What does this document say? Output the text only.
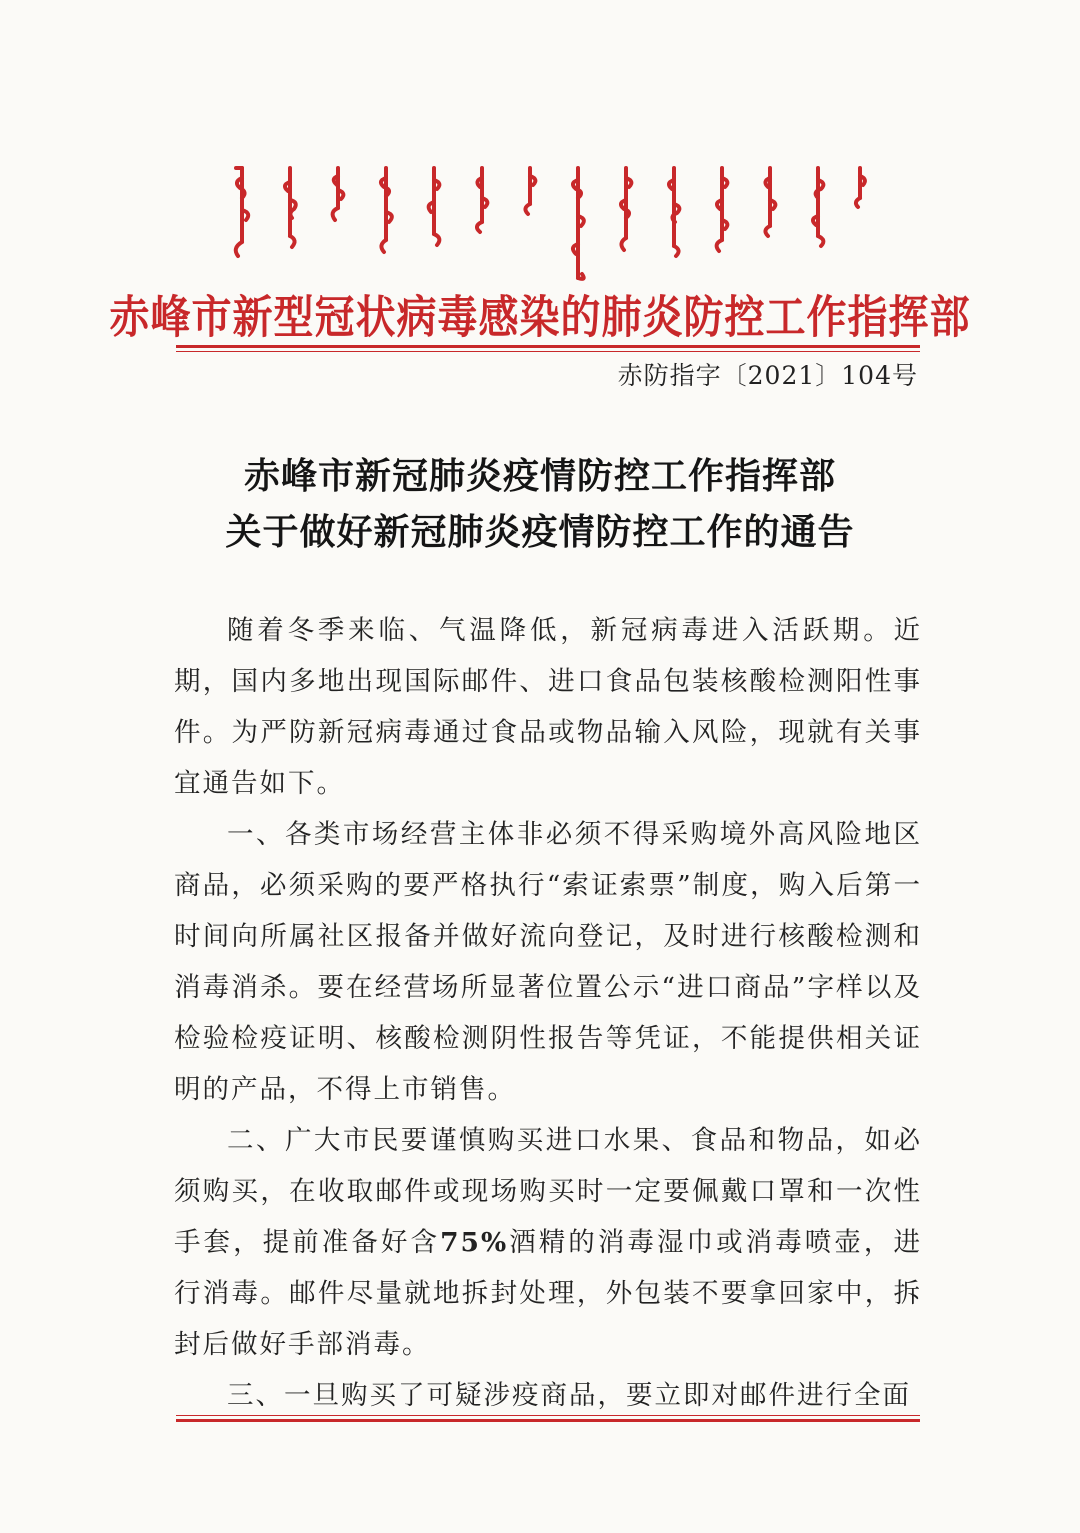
赤峰市新型冠状病毒感染的肺炎防控工作指挥部
赤防指字〔2021〕104号
赤峰市新冠肺炎疫情防控工作指挥部
关于做好新冠肺炎疫情防控工作的通告

随着冬季来临、气温降低，新冠病毒进入活跃期。近期，国内多地出现国际邮件、进口食品包装核酸检测阳性事件。为严防新冠病毒通过食品或物品输入风险，现就有关事宜通告如下。

一、各类市场经营主体非必须不得采购境外高风险地区商品，必须采购的要严格执行“索证索票”制度，购入后第一时间向所属社区报备并做好流向登记，及时进行核酸检测和消毒消杀。要在经营场所显著位置公示“进口商品”字样以及检验检疫证明、核酸检测阴性报告等凭证，不能提供相关证明的产品，不得上市销售。

二、广大市民要谨慎购买进口水果、食品和物品，如必须购买，在收取邮件或现场购买时一定要佩戴口罩和一次性手套，提前准备好含75%酒精的消毒湿巾或消毒喷壶，进行消毒。邮件尽量就地拆封处理，外包装不要拿回家中，拆封后做好手部消毒。

三、一旦购买了可疑涉疫商品，要立即对邮件进行全面
